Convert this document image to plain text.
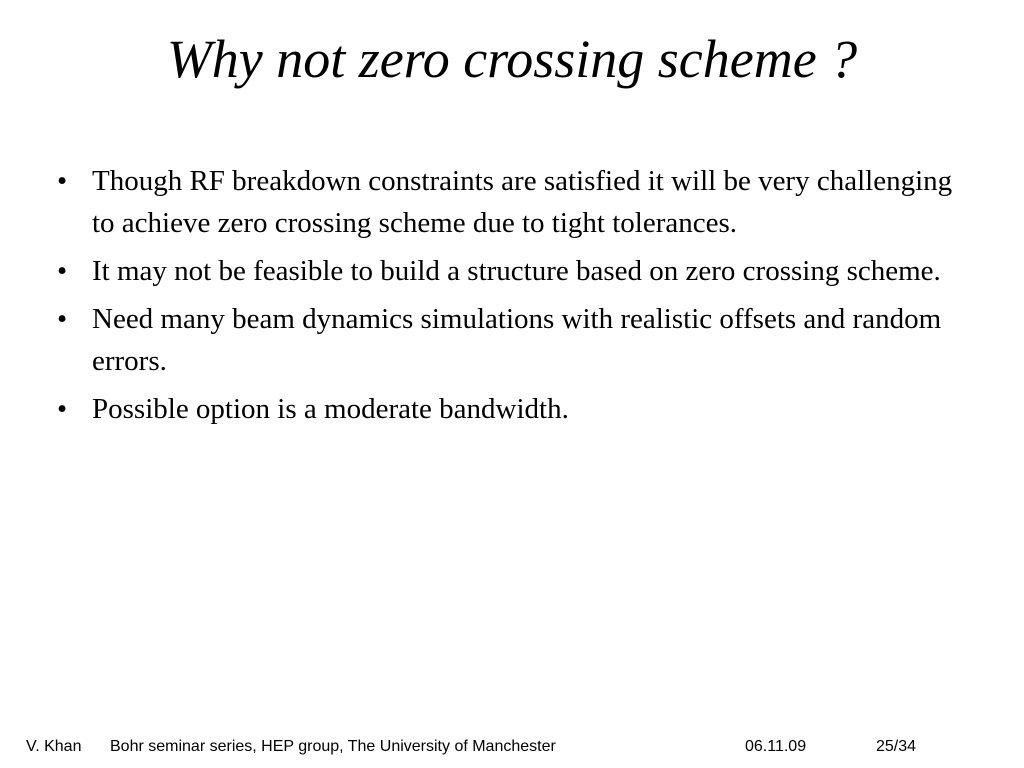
Why not zero crossing scheme ?
• Though RF breakdown constraints are satisfied it will be very challenging to achieve zero crossing scheme due to tight tolerances.
• It may not be feasible to build a structure based on zero crossing scheme.
• Need many beam dynamics simulations with realistic offsets and random errors.
• Possible option is a moderate bandwidth.
V. Khan Bohr seminar series, HEP group, The University of Manchester	06.11.09	25/34
